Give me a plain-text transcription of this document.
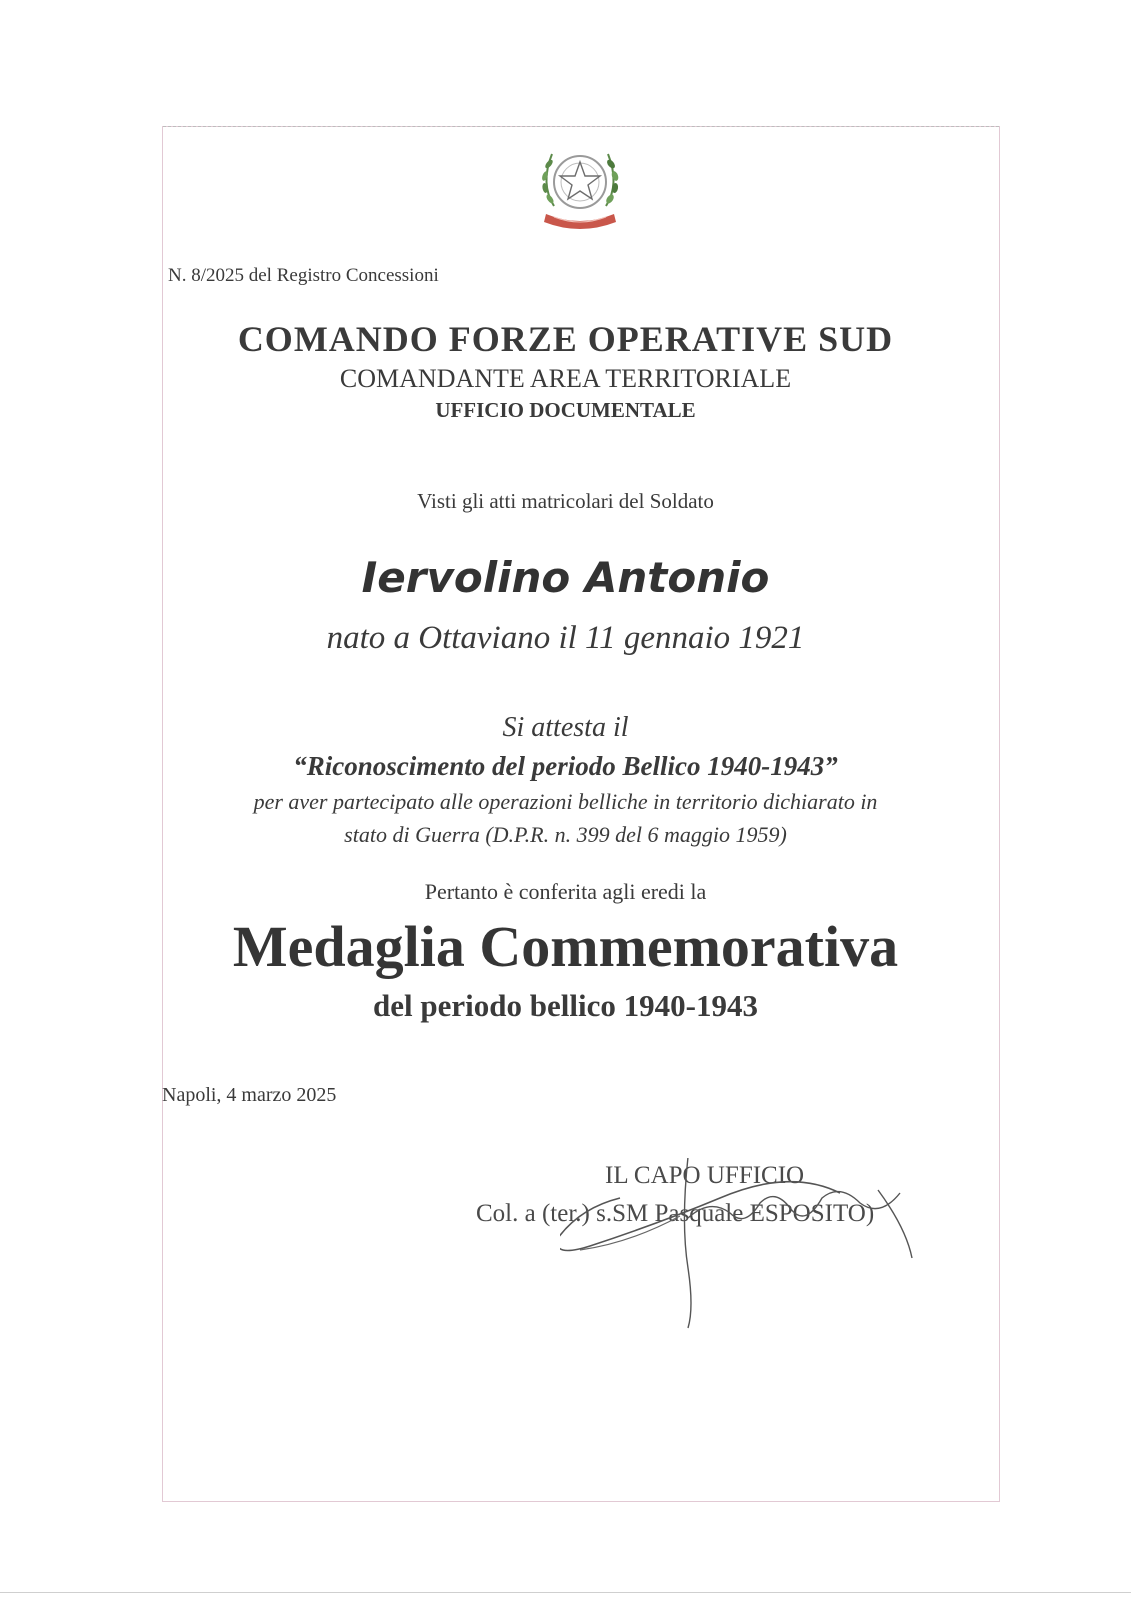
N. 8/2025 del Registro Concessioni
COMANDO FORZE OPERATIVE SUD
COMANDANTE AREA TERRITORIALE
UFFICIO DOCUMENTALE
Visti gli atti matricolari del Soldato
Iervolino Antonio
nato a Ottaviano il 11 gennaio 1921
Si attesta il
“Riconoscimento del periodo Bellico 1940-1943”
per aver partecipato alle operazioni belliche in territorio dichiarato in
stato di Guerra (D.P.R. n. 399 del 6 maggio 1959)
Pertanto è conferita agli eredi la
Medaglia Commemorativa
del periodo bellico 1940-1943
Napoli, 4 marzo 2025
IL CAPO UFFICIO
Col. a (ter.) s.SM Pasquale ESPOSITO)
